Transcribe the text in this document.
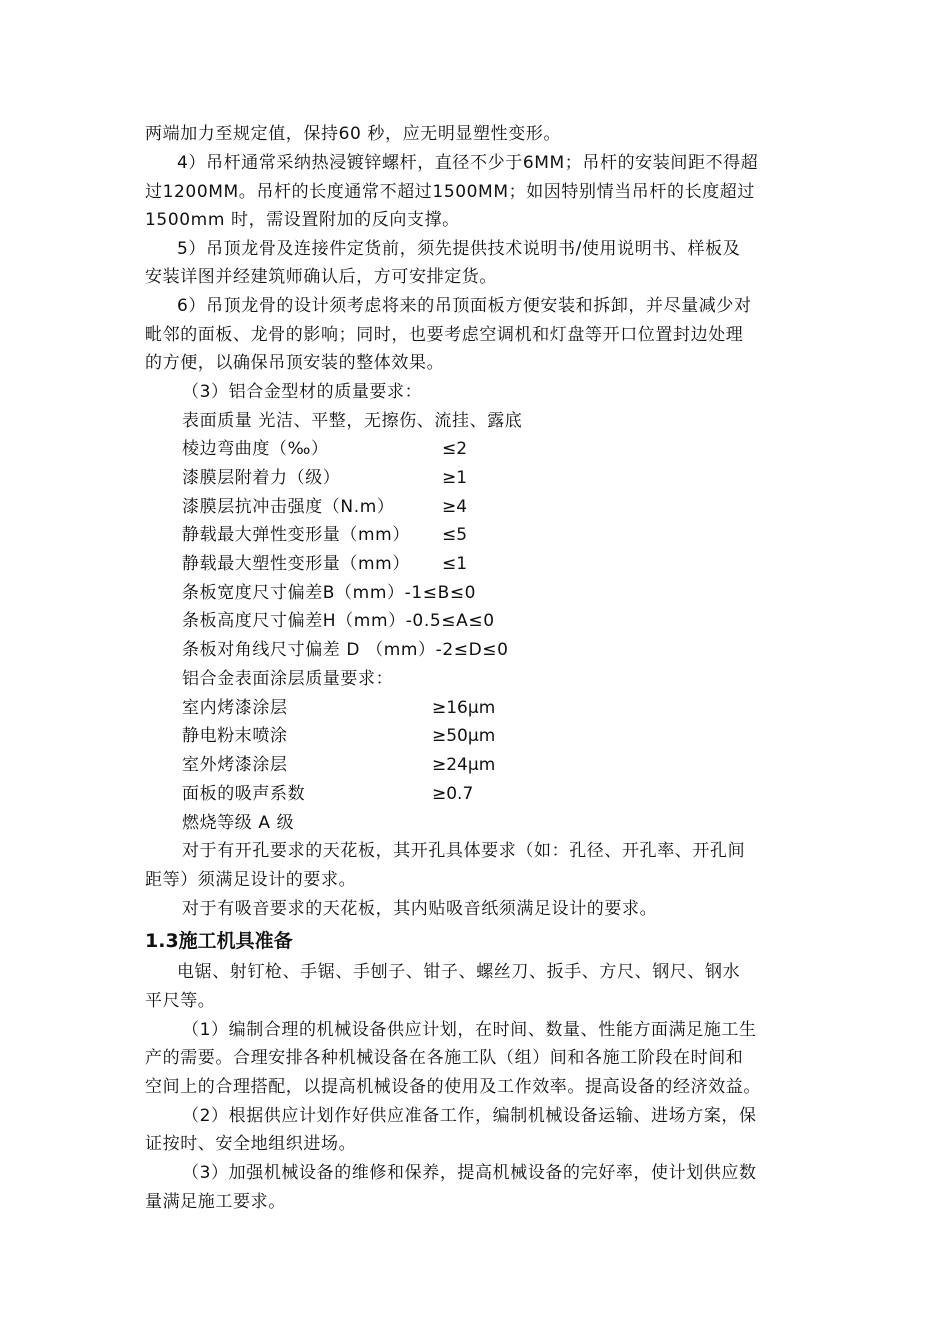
两端加力至规定值，保持60 秒，应无明显塑性变形。
4）吊杆通常采纳热浸镀锌螺杆，直径不少于6MM；吊杆的安装间距不得超
过1200MM。吊杆的长度通常不超过1500MM；如因特别情当吊杆的长度超过
1500mm 时，需设置附加的反向支撑。
5）吊顶龙骨及连接件定货前，须先提供技术说明书/使用说明书、样板及
安装详图并经建筑师确认后，方可安排定货。
6）吊顶龙骨的设计须考虑将来的吊顶面板方便安装和拆卸，并尽量减少对
毗邻的面板、龙骨的影响；同时，也要考虑空调机和灯盘等开口位置封边处理
的方便，以确保吊顶安装的整体效果。
（3）铝合金型材的质量要求：
表面质量 光洁、平整，无擦伤、流挂、露底
棱边弯曲度（‰）	≤2
漆膜层附着力（级）	≥1
漆膜层抗冲击强度（N.m）	≥4
静载最大弹性变形量（mm） ≤5
静载最大塑性变形量（mm） ≤1
条板宽度尺寸偏差B（mm）-1≤B≤0
条板高度尺寸偏差H（mm）-0.5≤A≤0
条板对角线尺寸偏差 D （mm）-2≤D≤0
铝合金表面涂层质量要求：
室内烤漆涂层	≥16μm
静电粉末喷涂	≥50μm
室外烤漆涂层	≥24μm
面板的吸声系数	≥0.7
燃烧等级 A 级
对于有开孔要求的天花板，其开孔具体要求（如：孔径、开孔率、开孔间
距等）须满足设计的要求。
对于有吸音要求的天花板，其内贴吸音纸须满足设计的要求。
1.3施工机具准备
电锯、射钉枪、手锯、手刨子、钳子、螺丝刀、扳手、方尺、钢尺、钢水
平尺等。
（1）编制合理的机械设备供应计划，在时间、数量、性能方面满足施工生
产的需要。合理安排各种机械设备在各施工队（组）间和各施工阶段在时间和
空间上的合理搭配，以提高机械设备的使用及工作效率。提高设备的经济效益。
（2）根据供应计划作好供应准备工作，编制机械设备运输、进场方案，保
证按时、安全地组织进场。
（3）加强机械设备的维修和保养，提高机械设备的完好率，使计划供应数
量满足施工要求。
